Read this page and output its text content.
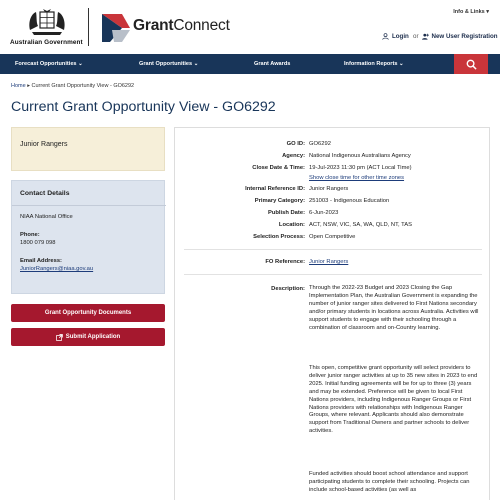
Australian Government
GrantConnect
Info & Links ▾
Login or New User Registration
Forecast Opportunities ⌄	Grant Opportunities ⌄	Grant Awards	Information Reports ⌄
Home ▸ Current Grant Opportunity View - GO6292
Current Grant Opportunity View - GO6292
Junior Rangers
Contact Details
NIAA National Office
Phone:
1800 079 098
Email Address:
JuniorRangers@niaa.gov.au
Grant Opportunity Documents
Submit Application
GO ID: GO6292
Agency: National Indigenous Australians Agency
Close Date & Time: 19-Jul-2023 11:30 pm (ACT Local Time)
Show close time for other time zones
Internal Reference ID: Junior Rangers
Primary Category: 251003 - Indigenous Education
Publish Date: 6-Jun-2023
Location: ACT, NSW, VIC, SA, WA, QLD, NT, TAS
Selection Process: Open Competitive
FO Reference: Junior Rangers
Description: Through the 2022-23 Budget and 2023 Closing the Gap Implementation Plan, the Australian Government is expanding the number of junior ranger sites delivered to First Nations secondary and/or primary students in locations across Australia. Activities will support students to engage with their schooling through a combination of classroom and on-Country learning.
This open, competitive grant opportunity will select providers to deliver junior ranger activities at up to 35 new sites in 2023 to end 2025. Initial funding agreements will be for up to three (3) years and may be extended. Preference will be given to local First Nations providers, including Indigenous Ranger Groups or First Nations providers with relationships with Indigenous Ranger Groups, where relevant. Applicants should also demonstrate support from Traditional Owners and partner schools to deliver activities.
Funded activities should boost school attendance and support participating students to complete their schooling. Projects can include school-based activities (as well as
